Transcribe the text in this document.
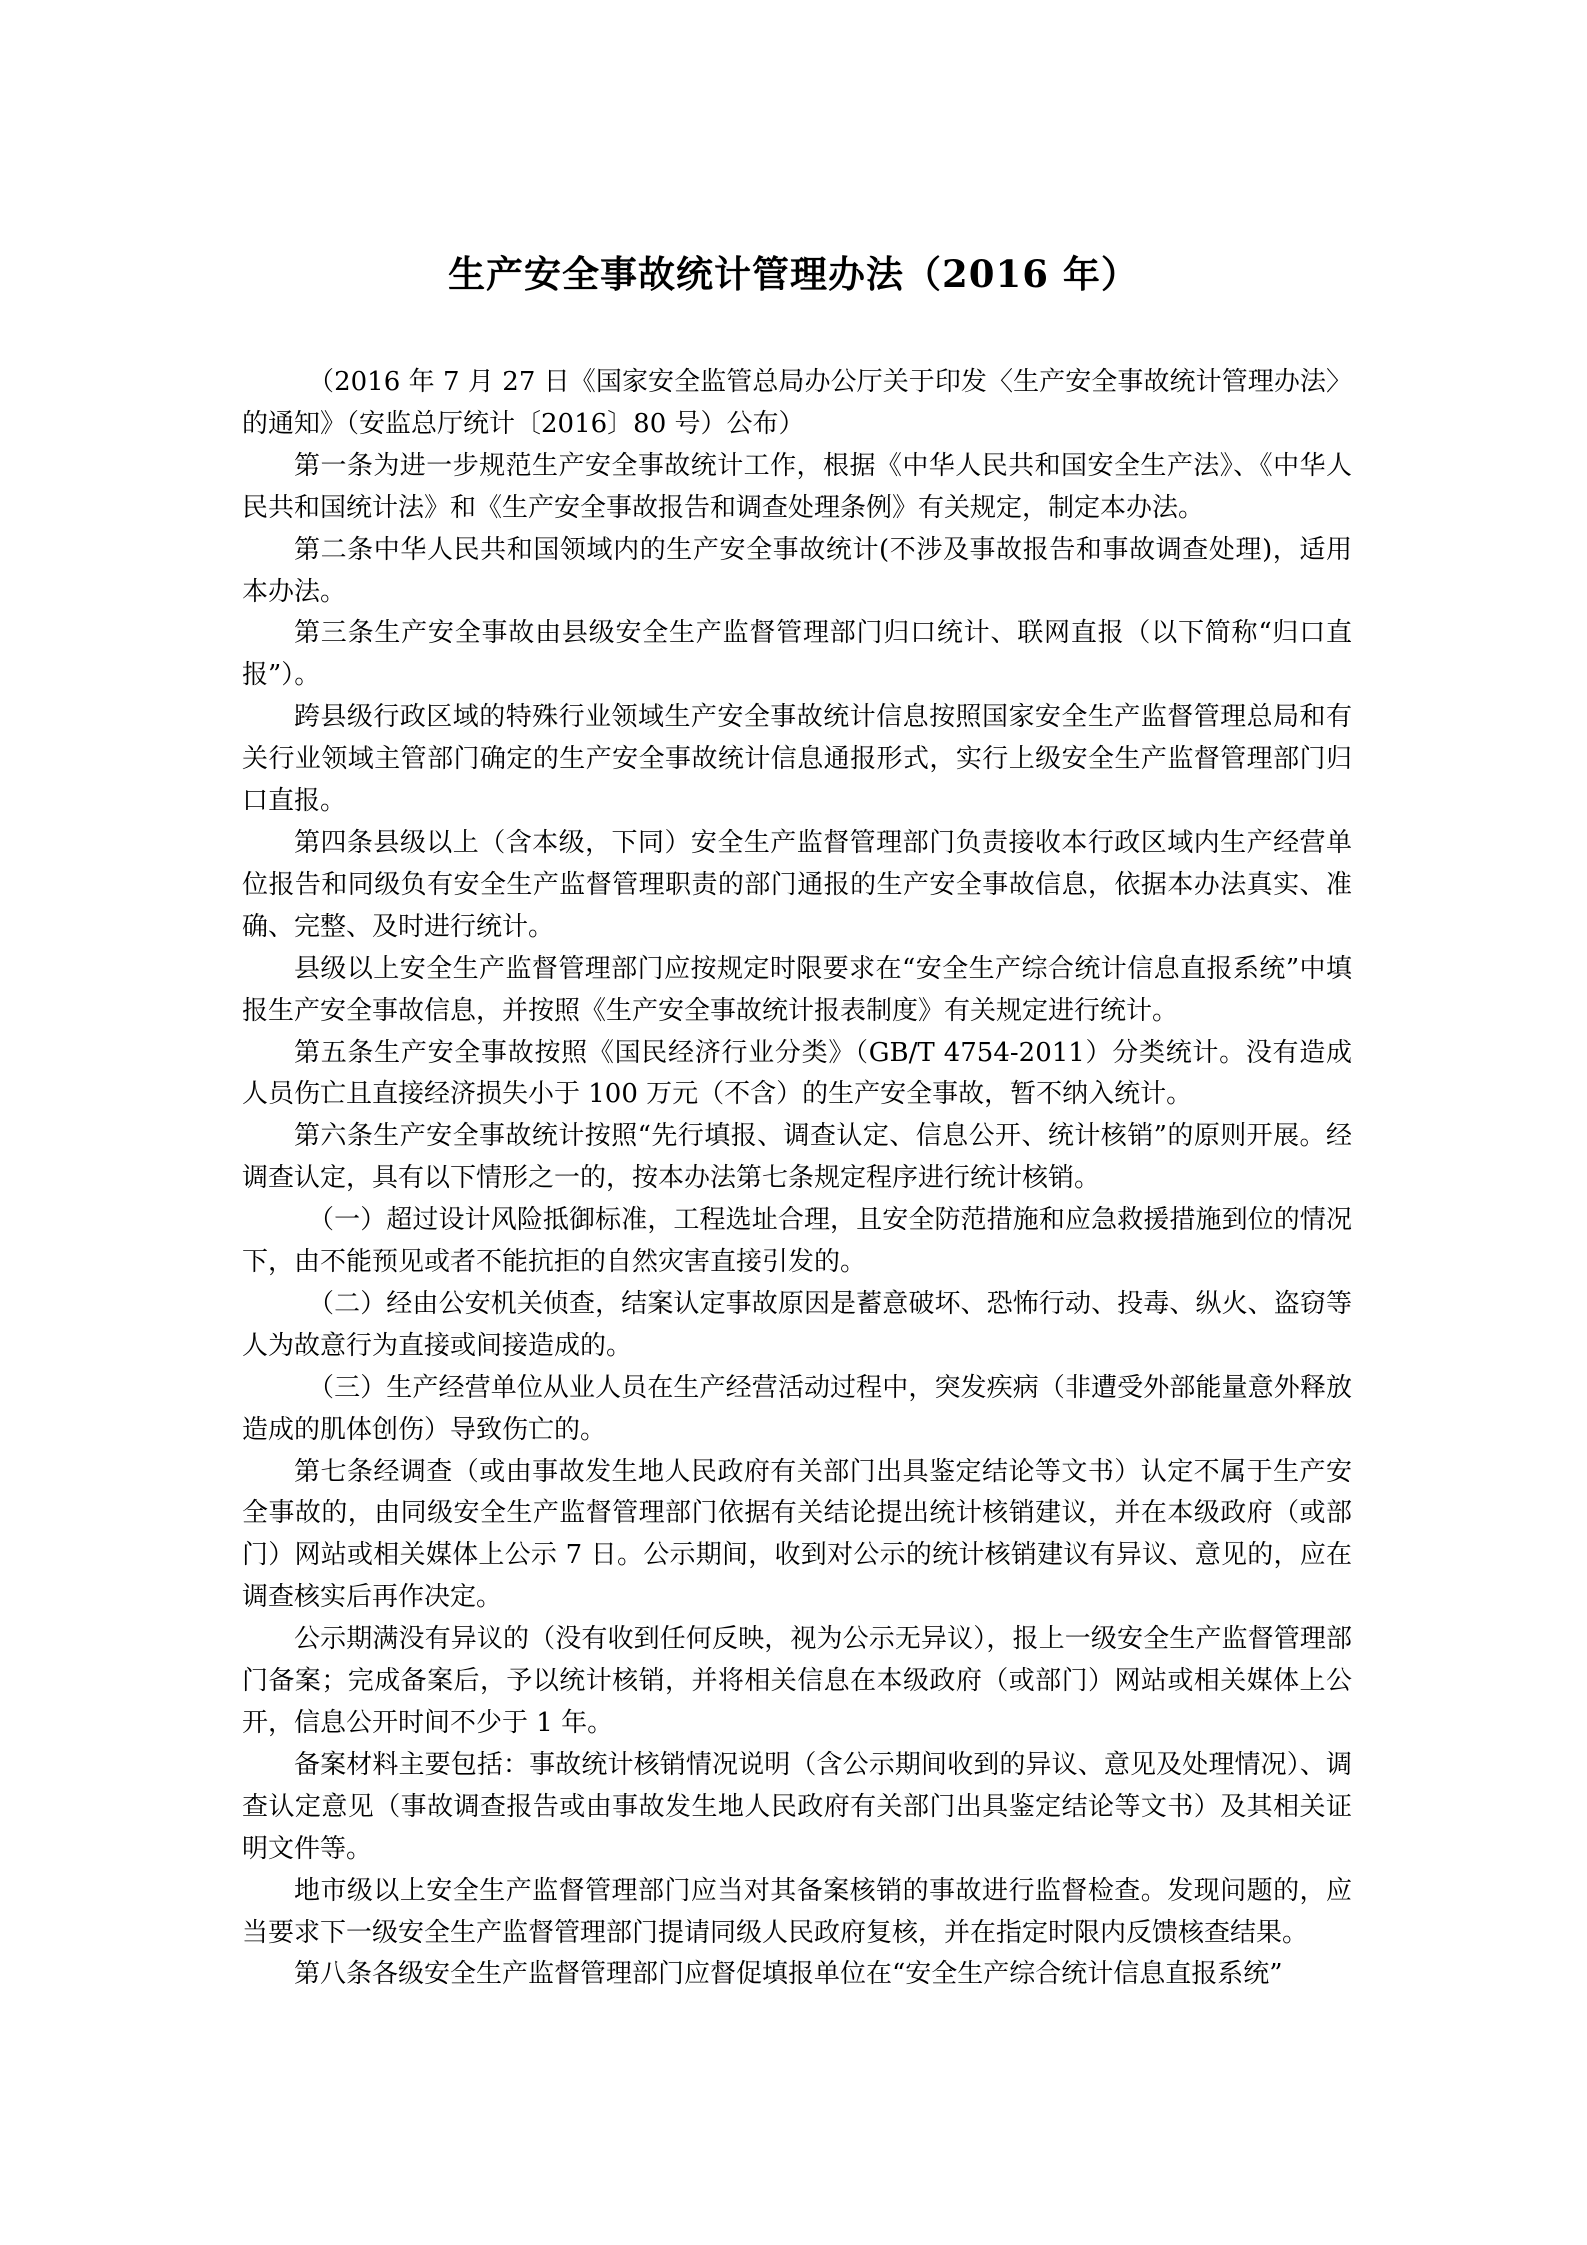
生产安全事故统计管理办法（2016 年）

（2016 年 7 月 27 日《国家安全监管总局办公厅关于印发〈生产安全事故统计管理办法〉的通知》（安监总厅统计〔2016〕80 号）公布）

第一条为进一步规范生产安全事故统计工作，根据《中华人民共和国安全生产法》、《中华人民共和国统计法》和《生产安全事故报告和调查处理条例》有关规定，制定本办法。

第二条中华人民共和国领域内的生产安全事故统计(不涉及事故报告和事故调查处理)，适用本办法。

第三条生产安全事故由县级安全生产监督管理部门归口统计、联网直报（以下简称“归口直报”）。

跨县级行政区域的特殊行业领域生产安全事故统计信息按照国家安全生产监督管理总局和有关行业领域主管部门确定的生产安全事故统计信息通报形式，实行上级安全生产监督管理部门归口直报。

第四条县级以上（含本级，下同）安全生产监督管理部门负责接收本行政区域内生产经营单位报告和同级负有安全生产监督管理职责的部门通报的生产安全事故信息，依据本办法真实、准确、完整、及时进行统计。

县级以上安全生产监督管理部门应按规定时限要求在“安全生产综合统计信息直报系统”中填报生产安全事故信息，并按照《生产安全事故统计报表制度》有关规定进行统计。

第五条生产安全事故按照《国民经济行业分类》（GB/T 4754-2011）分类统计。没有造成人员伤亡且直接经济损失小于 100 万元（不含）的生产安全事故，暂不纳入统计。

第六条生产安全事故统计按照“先行填报、调查认定、信息公开、统计核销”的原则开展。经调查认定，具有以下情形之一的，按本办法第七条规定程序进行统计核销。

（一）超过设计风险抵御标准，工程选址合理，且安全防范措施和应急救援措施到位的情况下，由不能预见或者不能抗拒的自然灾害直接引发的。

（二）经由公安机关侦查，结案认定事故原因是蓄意破坏、恐怖行动、投毒、纵火、盗窃等人为故意行为直接或间接造成的。

（三）生产经营单位从业人员在生产经营活动过程中，突发疾病（非遭受外部能量意外释放造成的肌体创伤）导致伤亡的。

第七条经调查（或由事故发生地人民政府有关部门出具鉴定结论等文书）认定不属于生产安全事故的，由同级安全生产监督管理部门依据有关结论提出统计核销建议，并在本级政府（或部门）网站或相关媒体上公示 7 日。公示期间，收到对公示的统计核销建议有异议、意见的，应在调查核实后再作决定。

公示期满没有异议的（没有收到任何反映，视为公示无异议），报上一级安全生产监督管理部门备案；完成备案后，予以统计核销，并将相关信息在本级政府（或部门）网站或相关媒体上公开，信息公开时间不少于 1 年。

备案材料主要包括：事故统计核销情况说明（含公示期间收到的异议、意见及处理情况）、调查认定意见（事故调查报告或由事故发生地人民政府有关部门出具鉴定结论等文书）及其相关证明文件等。

地市级以上安全生产监督管理部门应当对其备案核销的事故进行监督检查。发现问题的，应当要求下一级安全生产监督管理部门提请同级人民政府复核，并在指定时限内反馈核查结果。

第八条各级安全生产监督管理部门应督促填报单位在“安全生产综合统计信息直报系统”
